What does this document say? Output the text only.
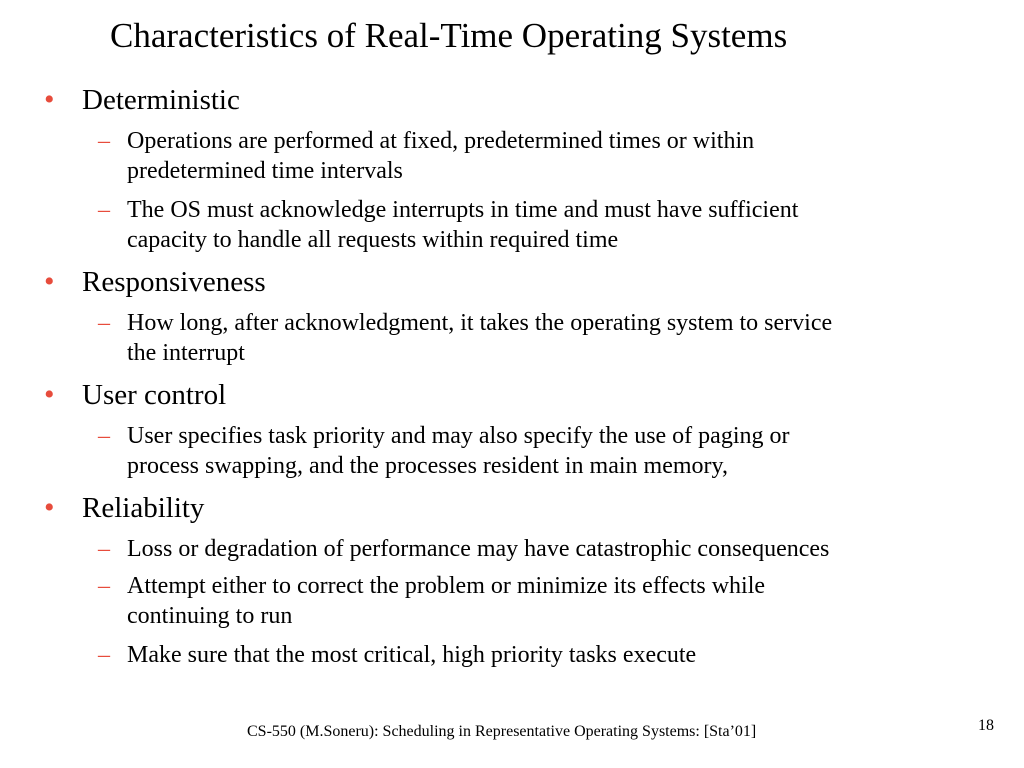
Characteristics of Real-Time Operating Systems
• Deterministic
– Operations are performed at fixed, predetermined times or within
predetermined time intervals
– The OS must acknowledge interrupts in time and must have sufficient
capacity to handle all requests within required time
• Responsiveness
– How long, after acknowledgment, it takes the operating system to service
the interrupt
• User control
– User specifies task priority and may also specify the use of paging or
process swapping, and the processes resident in main memory,
• Reliability
– Loss or degradation of performance may have catastrophic consequences
– Attempt either to correct the problem or minimize its effects while
continuing to run
– Make sure that the most critical, high priority tasks execute
CS-550 (M.Soneru): Scheduling in Representative Operating Systems: [Sta’01]	18
